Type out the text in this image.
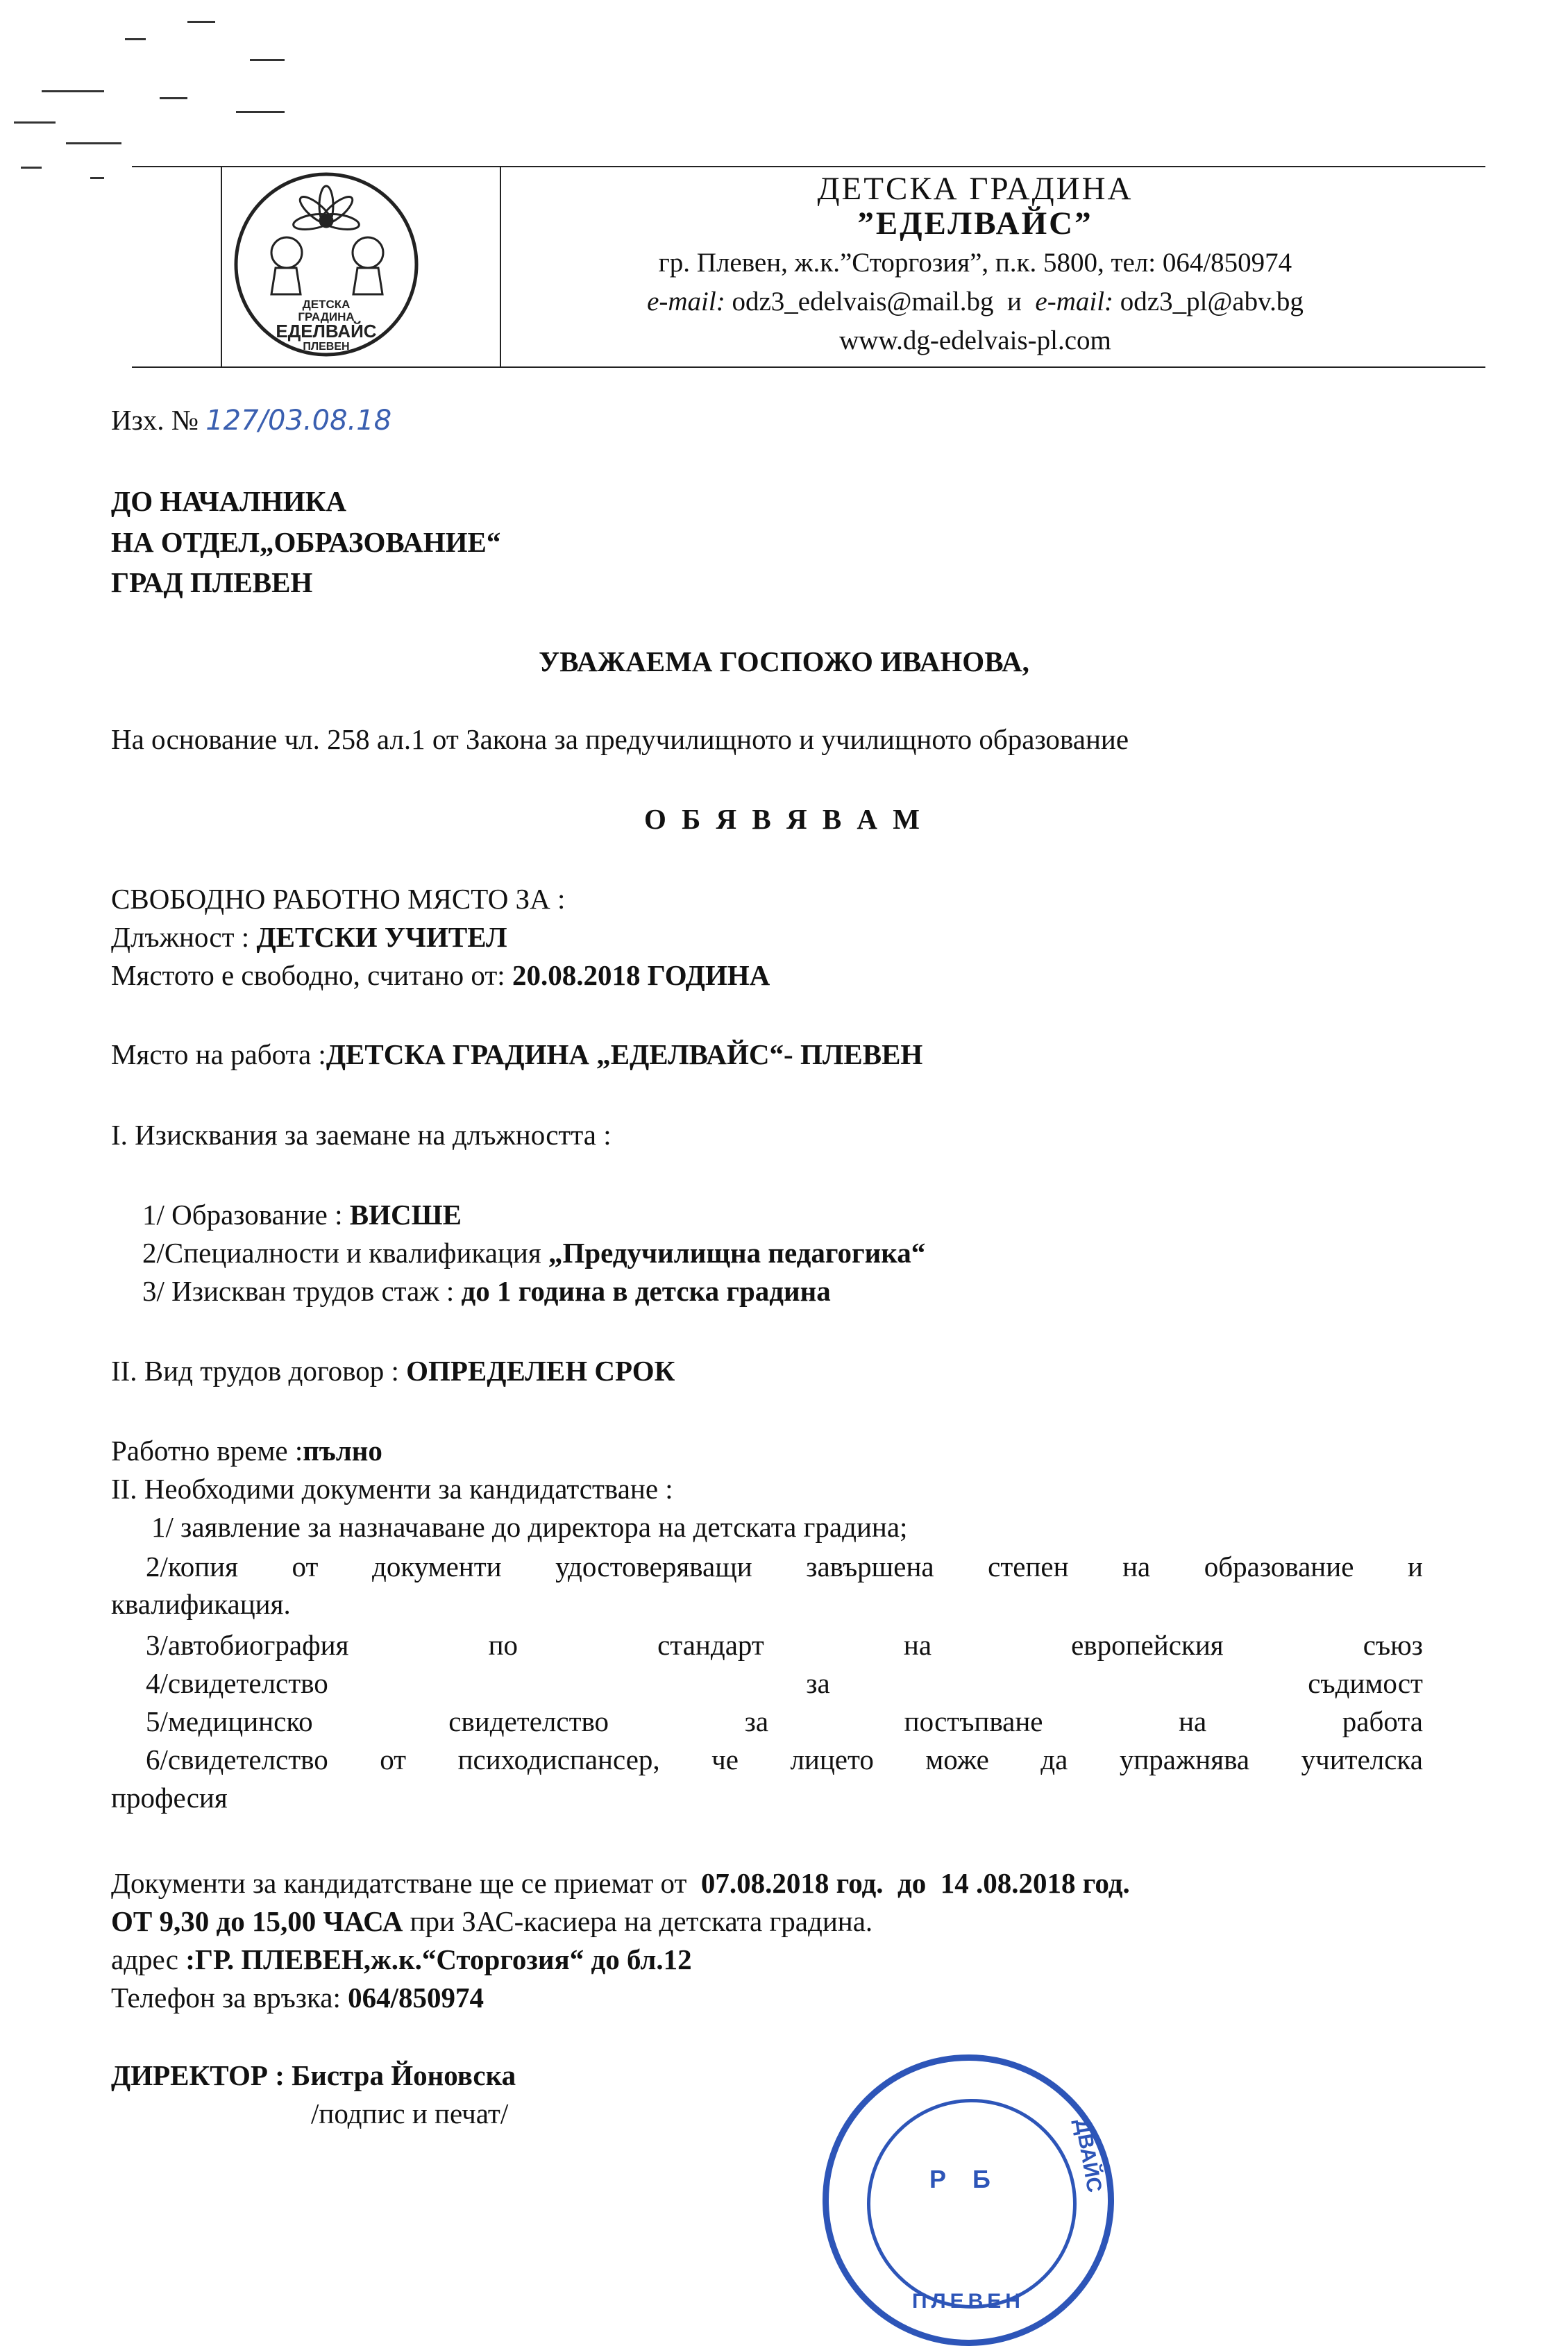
ДЕТСКА
ГРАДИНА
ЕДЕЛВАЙС
ПЛЕВЕН
ДЕТСКА ГРАДИНА
”ЕДЕЛВАЙС”
гр. Плевен, ж.к.”Сторгозия”, п.к. 5800, тел: 064/850974
e-mail: odz3_edelvais@mail.bg и e-mail: odz3_pl@abv.bg
www.dg-edelvais-pl.com
Изх. № 127/03.08.18
ДО НАЧАЛНИКА
НА ОТДЕЛ„ОБРАЗОВАНИЕ“
ГРАД ПЛЕВЕН
УВАЖАЕМА ГОСПОЖО ИВАНОВА,
На основание чл. 258 ал.1 от Закона за предучилищното и училищното образование
О Б Я В Я В А М
СВОБОДНО РАБОТНО МЯСТО ЗА :
Длъжност : ДЕТСКИ УЧИТЕЛ
Мястото е свободно, считано от: 20.08.2018 ГОДИНА
Място на работа :ДЕТСКА ГРАДИНА „ЕДЕЛВАЙС“- ПЛЕВЕН
I. Изисквания за заемане на длъжността :
1/ Образование : ВИСШЕ
2/Специалности и квалификация „Предучилищна педагогика“
3/ Изискван трудов стаж : до 1 година в детска градина
II. Вид трудов договор : ОПРЕДЕЛЕН СРОК
Работно време :пълно
II. Необходими документи за кандидатстване :
1/ заявление за назначаване до директора на детската градина;
2/копия от документи удостоверяващи завършена степен на образование и
квалификация.
3/автобиография	по	стандарт	на	европейския	съюз
4/свидетелство	за	съдимост
5/медицинско	свидетелство	за	постъпване	на	работа
6/свидетелство от психодиспансер, че лицето може да упражнява учителска
професия
Документи за кандидатстване ще се приемат от 07.08.2018 год. до 14 .08.2018 год.
ОТ 9,30 до 15,00 ЧАСА при ЗАС-касиера на детската градина.
адрес :ГР. ПЛЕВЕН,ж.к.“Сторгозия“ до бл.12
Телефон за връзка: 064/850974
ДИРЕКТОР : Бистра Йоновска
/подпис и печат/
Р Б	ДВАЙС
ПЛЕВЕН
